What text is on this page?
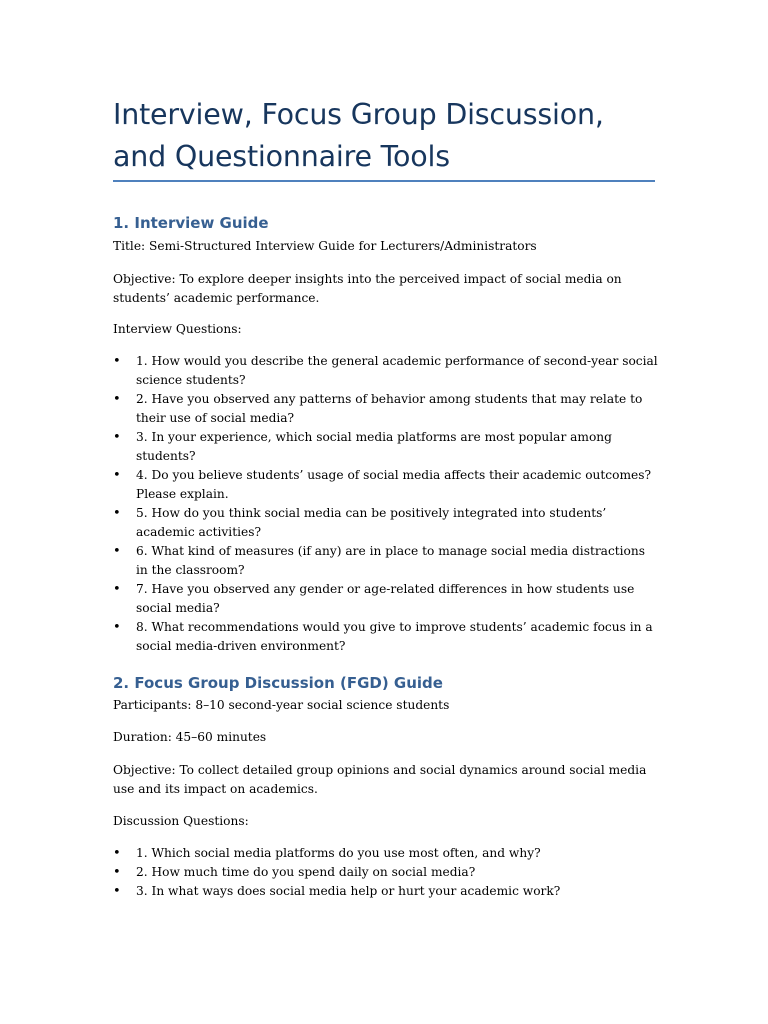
Interview, Focus Group Discussion, and Questionnaire Tools
1. Interview Guide

Title: Semi-Structured Interview Guide for Lecturers/Administrators

Objective: To explore deeper insights into the perceived impact of social media on students’ academic performance.

Interview Questions:

• 1. How would you describe the general academic performance of second-year social science students?
• 2. Have you observed any patterns of behavior among students that may relate to their use of social media?
• 3. In your experience, which social media platforms are most popular among students?
• 4. Do you believe students’ usage of social media affects their academic outcomes? Please explain.
• 5. How do you think social media can be positively integrated into students’ academic activities?
• 6. What kind of measures (if any) are in place to manage social media distractions in the classroom?
• 7. Have you observed any gender or age-related differences in how students use social media?
• 8. What recommendations would you give to improve students’ academic focus in a social media-driven environment?
2. Focus Group Discussion (FGD) Guide

Participants: 8–10 second-year social science students

Duration: 45–60 minutes

Objective: To collect detailed group opinions and social dynamics around social media use and its impact on academics.

Discussion Questions:

• 1. Which social media platforms do you use most often, and why?
• 2. How much time do you spend daily on social media?
• 3. In what ways does social media help or hurt your academic work?
